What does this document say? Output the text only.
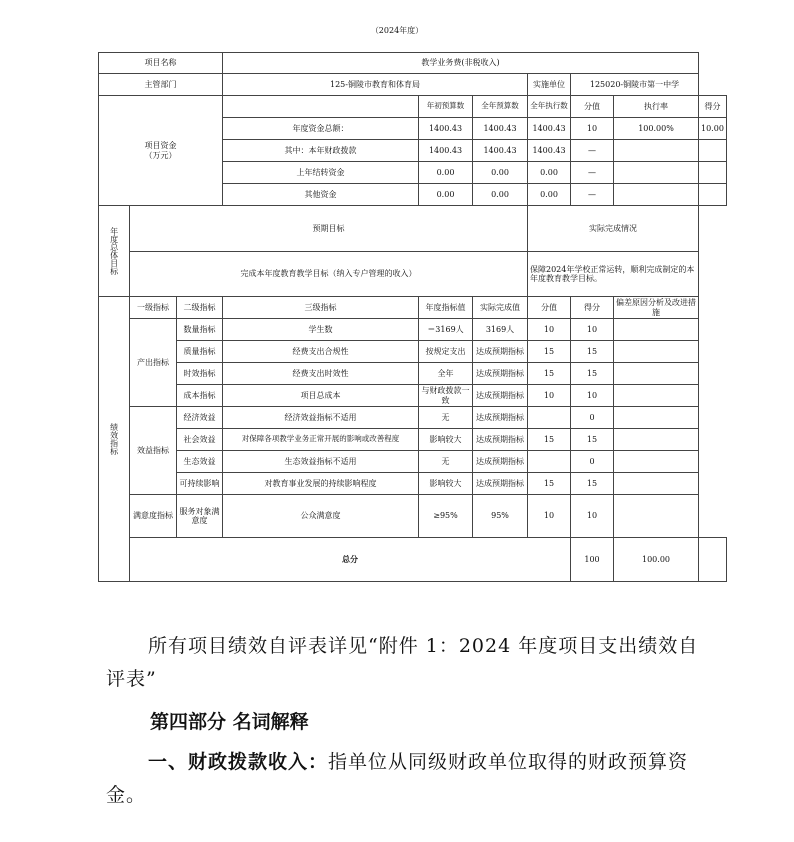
（2024年度）
项目名称			教学业务费(非税收入)						
主管部门			125-铜陵市教育和体育局			实施单位	125020-铜陵市第一中学		
项目资金
（万元）				年初预算数	全年预算数	全年执行数	分值	执行率	得分
			年度资金总额：	1400.43	1400.43	1400.43	10	100.00%	10.00
			其中：本年财政拨款	1400.43	1400.43	1400.43	—		
			上年结转资金	0.00	0.00	0.00	—		
			其他资金	0.00	0.00	0.00	—		
年度总体目标	预期目标					实际完成情况			
	完成本年度教育教学目标（纳入专户管理的收入）					保障2024年学校正常运转，顺利完成制定的本年度教育教学目标。			
绩效指标	一级指标	二级指标	三级指标	年度指标值	实际完成值	分值	得分	偏差原因分析及改进措施	
	产出指标	数量指标	学生数	＝3169人	3169人	10	10		
		质量指标	经费支出合规性	按规定支出	达成预期指标	15	15		
		时效指标	经费支出时效性	全年	达成预期指标	15	15		
		成本指标	项目总成本	与财政拨款一致	达成预期指标	10	10		
	效益指标	经济效益	经济效益指标不适用	无	达成预期指标		0		
		社会效益	对保障各项教学业务正常开展的影响或改善程度	影响较大	达成预期指标	15	15		
		生态效益	生态效益指标不适用	无	达成预期指标		0		
		可持续影响	对教育事业发展的持续影响程度	影响较大	达成预期指标	15	15		
	满意度指标	服务对象满意度	公众满意度	≥95%	95%	10	10		
	总分						100	100.00	
所有项目绩效自评表详见“附件 1：2024 年度项目支出绩效自评表”
第四部分 名词解释
一、财政拨款收入：指单位从同级财政单位取得的财政预算资金。
